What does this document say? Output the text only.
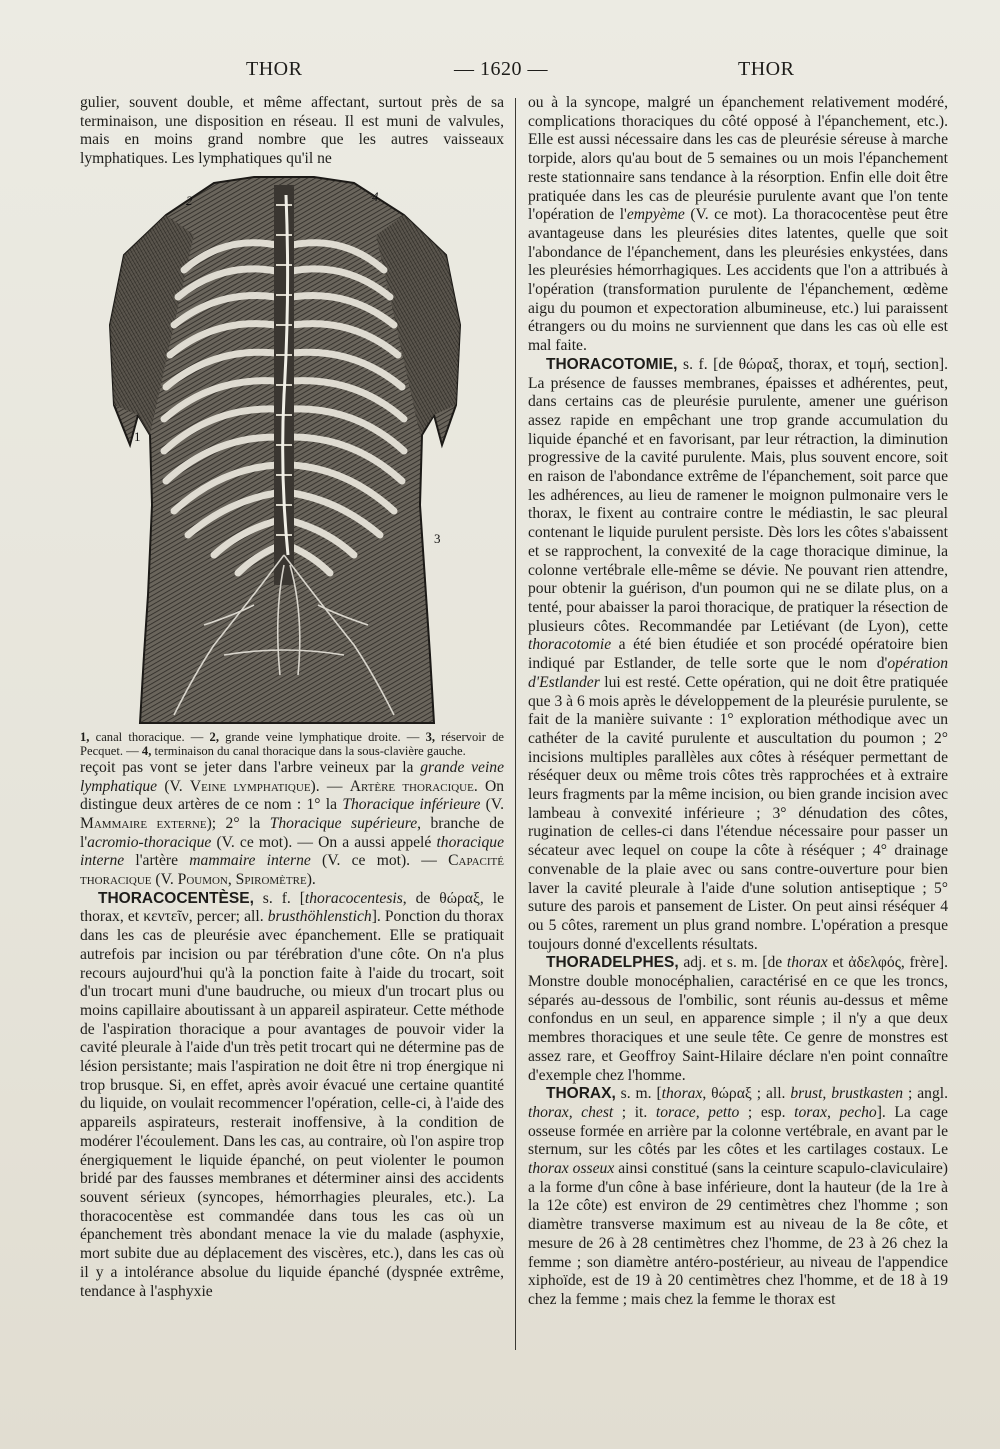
THOR	— 1620 —	THOR

gulier, souvent double, et même affectant, surtout près de sa terminaison, une disposition en réseau. Il est muni de valvules, mais en moins grand nombre que les autres vaisseaux lymphatiques. Les lymphatiques qu'il ne

2	4
1
3

1, canal thoracique. — 2, grande veine lymphatique droite. — 3, réservoir de Pecquet. — 4, terminaison du canal thoracique dans la sous-clavière gauche.

reçoit pas vont se jeter dans l'arbre veineux par la grande veine lymphatique (V. Veine lymphatique). — Artère thoracique. On distingue deux artères de ce nom : 1° la Thoracique inférieure (V. Mammaire externe); 2° la Thoracique supérieure, branche de l'acromio-thoracique (V. ce mot). — On a aussi appelé thoracique interne l'artère mammaire interne (V. ce mot). — Capacité thoracique (V. Poumon, Spiromètre).

THORACOCENTÈSE, s. f. [thoracocentesis, de θώραξ, le thorax, et κεντεῖν, percer; all. brusthöhlenstich]. Ponction du thorax dans les cas de pleurésie avec épanchement. Elle se pratiquait autrefois par incision ou par térébration d'une côte. On n'a plus recours aujourd'hui qu'à la ponction faite à l'aide du trocart, soit d'un trocart muni d'une baudruche, ou mieux d'un trocart plus ou moins capillaire aboutissant à un appareil aspirateur. Cette méthode de l'aspiration thoracique a pour avantages de pouvoir vider la cavité pleurale à l'aide d'un très petit trocart qui ne détermine pas de lésion persistante; mais l'aspiration ne doit être ni trop énergique ni trop brusque. Si, en effet, après avoir évacué une certaine quantité du liquide, on voulait recommencer l'opération, celle-ci, à l'aide des appareils aspirateurs, resterait inoffensive, à la condition de modérer l'écoulement. Dans les cas, au contraire, où l'on aspire trop énergiquement le liquide épanché, on peut violenter le poumon bridé par des fausses membranes et déterminer ainsi des accidents souvent sérieux (syncopes, hémorrhagies pleurales, etc.). La thoracocentèse est commandée dans tous les cas où un épanchement très abondant menace la vie du malade (asphyxie, mort subite due au déplacement des viscères, etc.), dans les cas où il y a intolérance absolue du liquide épanché (dyspnée extrême, tendance à l'asphyxie

ou à la syncope, malgré un épanchement relativement modéré, complications thoraciques du côté opposé à l'épanchement, etc.). Elle est aussi nécessaire dans les cas de pleurésie séreuse à marche torpide, alors qu'au bout de 5 semaines ou un mois l'épanchement reste stationnaire sans tendance à la résorption. Enfin elle doit être pratiquée dans les cas de pleurésie purulente avant que l'on tente l'opération de l'empyème (V. ce mot). La thoracocentèse peut être avantageuse dans les pleurésies dites latentes, quelle que soit l'abondance de l'épanchement, dans les pleurésies enkystées, dans les pleurésies hémorrhagiques. Les accidents que l'on a attribués à l'opération (transformation purulente de l'épanchement, œdème aigu du poumon et expectoration albumineuse, etc.) lui paraissent étrangers ou du moins ne surviennent que dans les cas où elle est mal faite.

THORACOTOMIE, s. f. [de θώραξ, thorax, et τομή, section]. La présence de fausses membranes, épaisses et adhérentes, peut, dans certains cas de pleurésie purulente, amener une guérison assez rapide en empêchant une trop grande accumulation du liquide épanché et en favorisant, par leur rétraction, la diminution progressive de la cavité purulente. Mais, plus souvent encore, soit en raison de l'abondance extrême de l'épanchement, soit parce que les adhérences, au lieu de ramener le moignon pulmonaire vers le thorax, le fixent au contraire contre le médiastin, le sac pleural contenant le liquide purulent persiste. Dès lors les côtes s'abaissent et se rapprochent, la convexité de la cage thoracique diminue, la colonne vertébrale elle-même se dévie. Ne pouvant rien attendre, pour obtenir la guérison, d'un poumon qui ne se dilate plus, on a tenté, pour abaisser la paroi thoracique, de pratiquer la résection de plusieurs côtes. Recommandée par Letiévant (de Lyon), cette thoracotomie a été bien étudiée et son procédé opératoire bien indiqué par Estlander, de telle sorte que le nom d'opération d'Estlander lui est resté. Cette opération, qui ne doit être pratiquée que 3 à 6 mois après le développement de la pleurésie purulente, se fait de la manière suivante : 1° exploration méthodique avec un cathéter de la cavité purulente et auscultation du poumon ; 2° incisions multiples parallèles aux côtes à réséquer permettant de réséquer deux ou même trois côtes très rapprochées et à extraire leurs fragments par la même incision, ou bien grande incision avec lambeau à convexité inférieure ; 3° dénudation des côtes, rugination de celles-ci dans l'étendue nécessaire pour passer un sécateur avec lequel on coupe la côte à réséquer ; 4° drainage convenable de la plaie avec ou sans contre-ouverture pour bien laver la cavité pleurale à l'aide d'une solution antiseptique ; 5° suture des parois et pansement de Lister. On peut ainsi réséquer 4 ou 5 côtes, rarement un plus grand nombre. L'opération a presque toujours donné d'excellents résultats.

THORADELPHES, adj. et s. m. [de thorax et ἀδελφός, frère]. Monstre double monocéphalien, caractérisé en ce que les troncs, séparés au-dessous de l'ombilic, sont réunis au-dessus et même confondus en un seul, en apparence simple ; il n'y a que deux membres thoraciques et une seule tête. Ce genre de monstres est assez rare, et Geoffroy Saint-Hilaire déclare n'en point connaître d'exemple chez l'homme.

THORAX, s. m. [thorax, θώραξ ; all. brust, brustkasten ; angl. thorax, chest ; it. torace, petto ; esp. torax, pecho]. La cage osseuse formée en arrière par la colonne vertébrale, en avant par le sternum, sur les côtés par les côtes et les cartilages costaux. Le thorax osseux ainsi constitué (sans la ceinture scapulo-claviculaire) a la forme d'un cône à base inférieure, dont la hauteur (de la 1re à la 12e côte) est environ de 29 centimètres chez l'homme ; son diamètre transverse maximum est au niveau de la 8e côte, et mesure de 26 à 28 centimètres chez l'homme, de 23 à 26 chez la femme ; son diamètre antéro-postérieur, au niveau de l'appendice xiphoïde, est de 19 à 20 centimètres chez l'homme, et de 18 à 19 chez la femme ; mais chez la femme le thorax est
